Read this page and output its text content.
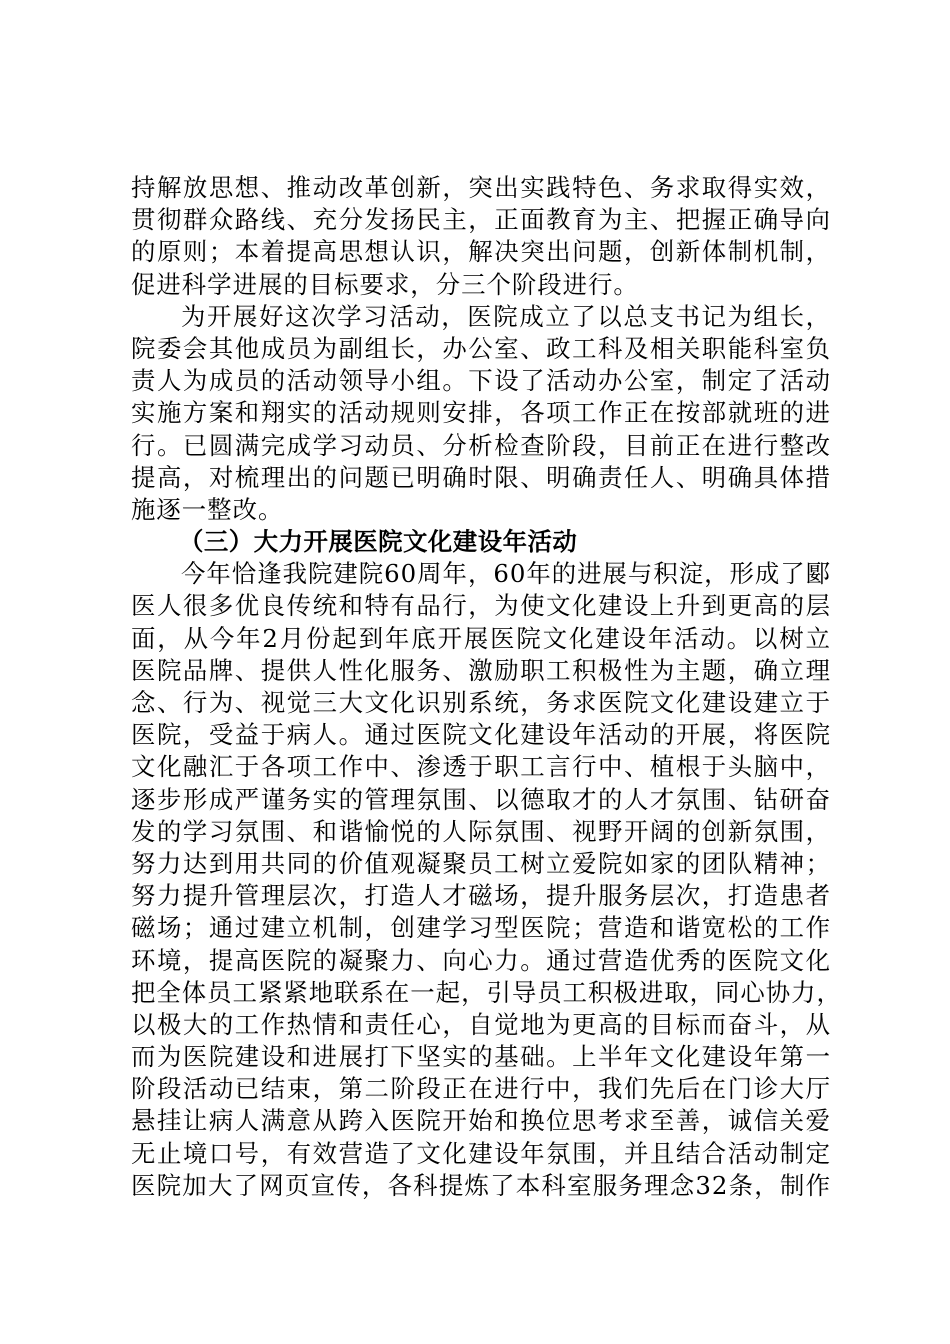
持解放思想、推动改革创新，突出实践特色、务求取得实效，
贯彻群众路线、充分发扬民主，正面教育为主、把握正确导向
的原则；本着提高思想认识，解决突出问题，创新体制机制，
促进科学进展的目标要求，分三个阶段进行。
为开展好这次学习活动，医院成立了以总支书记为组长，
院委会其他成员为副组长，办公室、政工科及相关职能科室负
责人为成员的活动领导小组。下设了活动办公室，制定了活动
实施方案和翔实的活动规则安排，各项工作正在按部就班的进
行。已圆满完成学习动员、分析检查阶段，目前正在进行整改
提高，对梳理出的问题已明确时限、明确责任人、明确具体措
施逐一整改。
（三）大力开展医院文化建设年活动
今年恰逢我院建院60周年，60年的进展与积淀，形成了郾
医人很多优良传统和特有品行，为使文化建设上升到更高的层
面，从今年2月份起到年底开展医院文化建设年活动。以树立
医院品牌、提供人性化服务、激励职工积极性为主题，确立理
念、行为、视觉三大文化识别系统，务求医院文化建设建立于
医院，受益于病人。通过医院文化建设年活动的开展，将医院
文化融汇于各项工作中、渗透于职工言行中、植根于头脑中，
逐步形成严谨务实的管理氛围、以德取才的人才氛围、钻研奋
发的学习氛围、和谐愉悦的人际氛围、视野开阔的创新氛围，
努力达到用共同的价值观凝聚员工树立爱院如家的团队精神；
努力提升管理层次，打造人才磁场，提升服务层次，打造患者
磁场；通过建立机制，创建学习型医院；营造和谐宽松的工作
环境，提高医院的凝聚力、向心力。通过营造优秀的医院文化
把全体员工紧紧地联系在一起，引导员工积极进取，同心协力，
以极大的工作热情和责任心，自觉地为更高的目标而奋斗，从
而为医院建设和进展打下坚实的基础。上半年文化建设年第一
阶段活动已结束，第二阶段正在进行中，我们先后在门诊大厅
悬挂让病人满意从跨入医院开始和换位思考求至善，诚信关爱
无止境口号，有效营造了文化建设年氛围，并且结合活动制定
医院加大了网页宣传，各科提炼了本科室服务理念32条，制作
